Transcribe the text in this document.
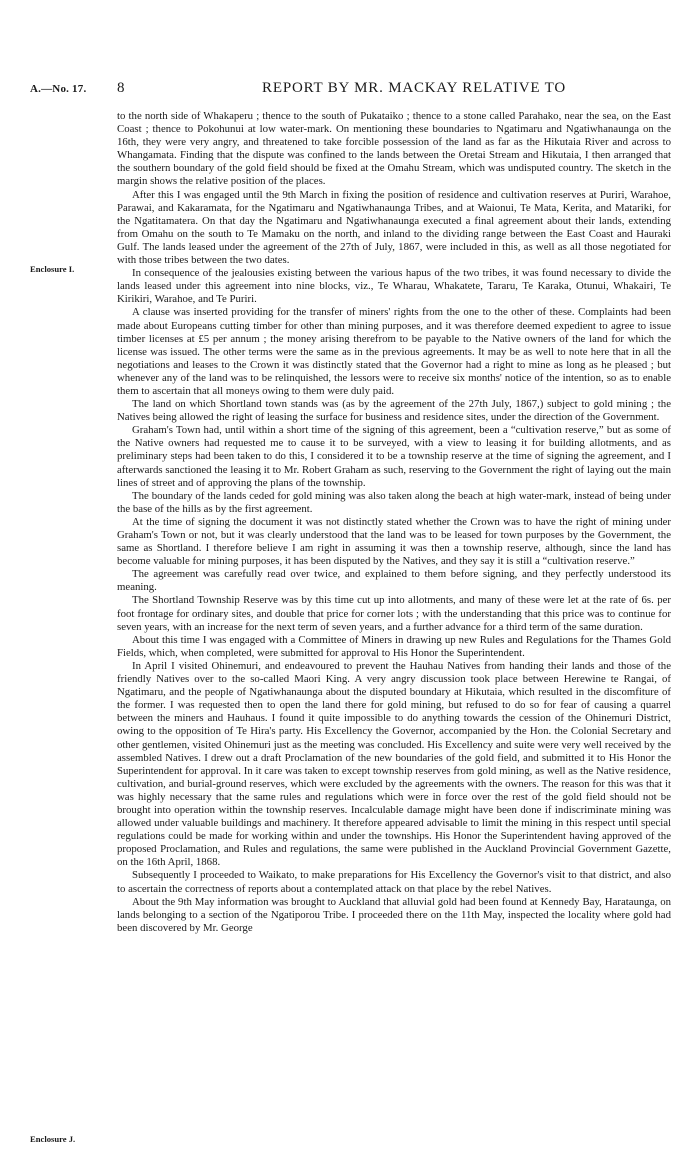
A.—No. 17. 8	REPORT BY MR. MACKAY RELATIVE TO
Enclosure I.
Enclosure J.

to the north side of Whakaperu ; thence to the south of Pukataiko ; thence to a stone called Parahako, near the sea, on the East Coast ; thence to Pokohunui at low water-mark. On mentioning these boundaries to Ngatimaru and Ngatiwhanaunga on the 16th, they were very angry, and threatened to take forcible possession of the land as far as the Hikutaia River and across to Whangamata. Finding that the dispute was confined to the lands between the Oretai Stream and Hikutaia, I then arranged that the southern boundary of the gold field should be fixed at the Omahu Stream, which was undisputed country. The sketch in the margin shows the relative position of the places.

After this I was engaged until the 9th March in fixing the position of residence and cultivation reserves at Puriri, Warahoe, Parawai, and Kakaramata, for the Ngatimaru and Ngatiwhanaunga Tribes, and at Waionui, Te Mata, Kerita, and Matariki, for the Ngatitamatera. On that day the Ngatimaru and Ngatiwhanaunga executed a final agreement about their lands, extending from Omahu on the south to Te Mamaku on the north, and inland to the dividing range between the East Coast and Hauraki Gulf. The lands leased under the agreement of the 27th of July, 1867, were included in this, as well as all those negotiated for with those tribes between the two dates.

In consequence of the jealousies existing between the various hapus of the two tribes, it was found necessary to divide the lands leased under this agreement into nine blocks, viz., Te Wharau, Whakatete, Tararu, Te Karaka, Otunui, Whakairi, Te Kirikiri, Warahoe, and Te Puriri.

A clause was inserted providing for the transfer of miners' rights from the one to the other of these. Complaints had been made about Europeans cutting timber for other than mining purposes, and it was therefore deemed expedient to agree to issue timber licenses at £5 per annum ; the money arising therefrom to be payable to the Native owners of the land for which the license was issued. The other terms were the same as in the previous agreements. It may be as well to note here that in all the negotiations and leases to the Crown it was distinctly stated that the Governor had a right to mine as long as he pleased ; but whenever any of the land was to be relinquished, the lessors were to receive six months' notice of the intention, so as to enable them to ascertain that all moneys owing to them were duly paid.

The land on which Shortland town stands was (as by the agreement of the 27th July, 1867,) subject to gold mining ; the Natives being allowed the right of leasing the surface for business and residence sites, under the direction of the Government.

Graham's Town had, until within a short time of the signing of this agreement, been a “cultivation reserve,” but as some of the Native owners had requested me to cause it to be surveyed, with a view to leasing it for building allotments, and as preliminary steps had been taken to do this, I considered it to be a township reserve at the time of signing the agreement, and I afterwards sanctioned the leasing it to Mr. Robert Graham as such, reserving to the Government the right of laying out the main lines of street and of approving the plans of the township.

The boundary of the lands ceded for gold mining was also taken along the beach at high water-mark, instead of being under the base of the hills as by the first agreement.

At the time of signing the document it was not distinctly stated whether the Crown was to have the right of mining under Graham's Town or not, but it was clearly understood that the land was to be leased for town purposes by the Government, the same as Shortland. I therefore believe I am right in assuming it was then a township reserve, although, since the land has become valuable for mining purposes, it has been disputed by the Natives, and they say it is still a “cultivation reserve.”

The agreement was carefully read over twice, and explained to them before signing, and they perfectly understood its meaning.

The Shortland Township Reserve was by this time cut up into allotments, and many of these were let at the rate of 6s. per foot frontage for ordinary sites, and double that price for corner lots ; with the understanding that this price was to continue for seven years, with an increase for the next term of seven years, and a further advance for a third term of the same duration.

About this time I was engaged with a Committee of Miners in drawing up new Rules and Regulations for the Thames Gold Fields, which, when completed, were submitted for approval to His Honor the Superintendent.

In April I visited Ohinemuri, and endeavoured to prevent the Hauhau Natives from handing their lands and those of the friendly Natives over to the so-called Maori King. A very angry discussion took place between Herewine te Rangai, of Ngatimaru, and the people of Ngatiwhanaunga about the disputed boundary at Hikutaia, which resulted in the discomfiture of the former. I was requested then to open the land there for gold mining, but refused to do so for fear of causing a quarrel between the miners and Hauhaus. I found it quite impossible to do anything towards the cession of the Ohinemuri District, owing to the opposition of Te Hira's party. His Excellency the Governor, accompanied by the Hon. the Colonial Secretary and other gentlemen, visited Ohinemuri just as the meeting was concluded. His Excellency and suite were very well received by the assembled Natives. I drew out a draft Proclamation of the new boundaries of the gold field, and submitted it to His Honor the Superintendent for approval. In it care was taken to except township reserves from gold mining, as well as the Native residence, cultivation, and burial-ground reserves, which were excluded by the agreements with the owners. The reason for this was that it was highly necessary that the same rules and regulations which were in force over the rest of the gold field should not be brought into operation within the township reserves. Incalculable damage might have been done if indiscriminate mining was allowed under valuable buildings and machinery. It therefore appeared advisable to limit the mining in this respect until special regulations could be made for working within and under the townships. His Honor the Superintendent having approved of the proposed Proclamation, and Rules and regulations, the same were published in the Auckland Provincial Government Gazette, on the 16th April, 1868.

Subsequently I proceeded to Waikato, to make preparations for His Excellency the Governor's visit to that district, and also to ascertain the correctness of reports about a contemplated attack on that place by the rebel Natives.

About the 9th May information was brought to Auckland that alluvial gold had been found at Kennedy Bay, Harataunga, on lands belonging to a section of the Ngatiporou Tribe. I proceeded there on the 11th May, inspected the locality where gold had been discovered by Mr. George
